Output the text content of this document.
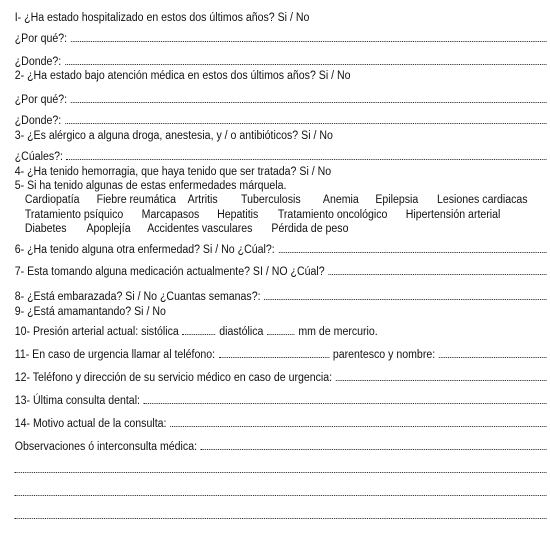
I- ¿Ha estado hospitalizado en estos dos últimos años? Si / No
¿Por qué?:
¿Donde?:
2- ¿Ha estado bajo atención médica en estos dos últimos años? Si / No
¿Por qué?:
¿Donde?:
3- ¿Es alérgico a alguna droga, anestesia, y / o antibióticos? Si / No
¿Cúales?:
4- ¿Ha tenido hemorragia, que haya tenido que ser tratada? Si / No
5- Si ha tenido algunas de estas enfermedades márquela.
Cardiopatía Fiebre reumática Artritis Tuberculosis Anemia Epilepsia Lesiones cardiacas
Tratamiento psíquico Marcapasos Hepatitis Tratamiento oncológico Hipertensión arterial
Diabetes Apoplejía Accidentes vasculares Pérdida de peso
6- ¿Ha tenido alguna otra enfermedad? Si / No ¿Cúal?:
7- Esta tomando alguna medicación actualmente? SI / NO ¿Cúal?
8- ¿Está embarazada? Si / No ¿Cuantas semanas?:
9- ¿Está amamantando? Si / No
10- Presión arterial actual: sistólica	diastólica	mm de mercurio.
11- En caso de urgencia llamar al teléfono:	parentesco y nombre:
12- Teléfono y dirección de su servicio médico en caso de urgencia:
13- Última consulta dental:
14- Motivo actual de la consulta:
Observaciones ó interconsulta médica:
